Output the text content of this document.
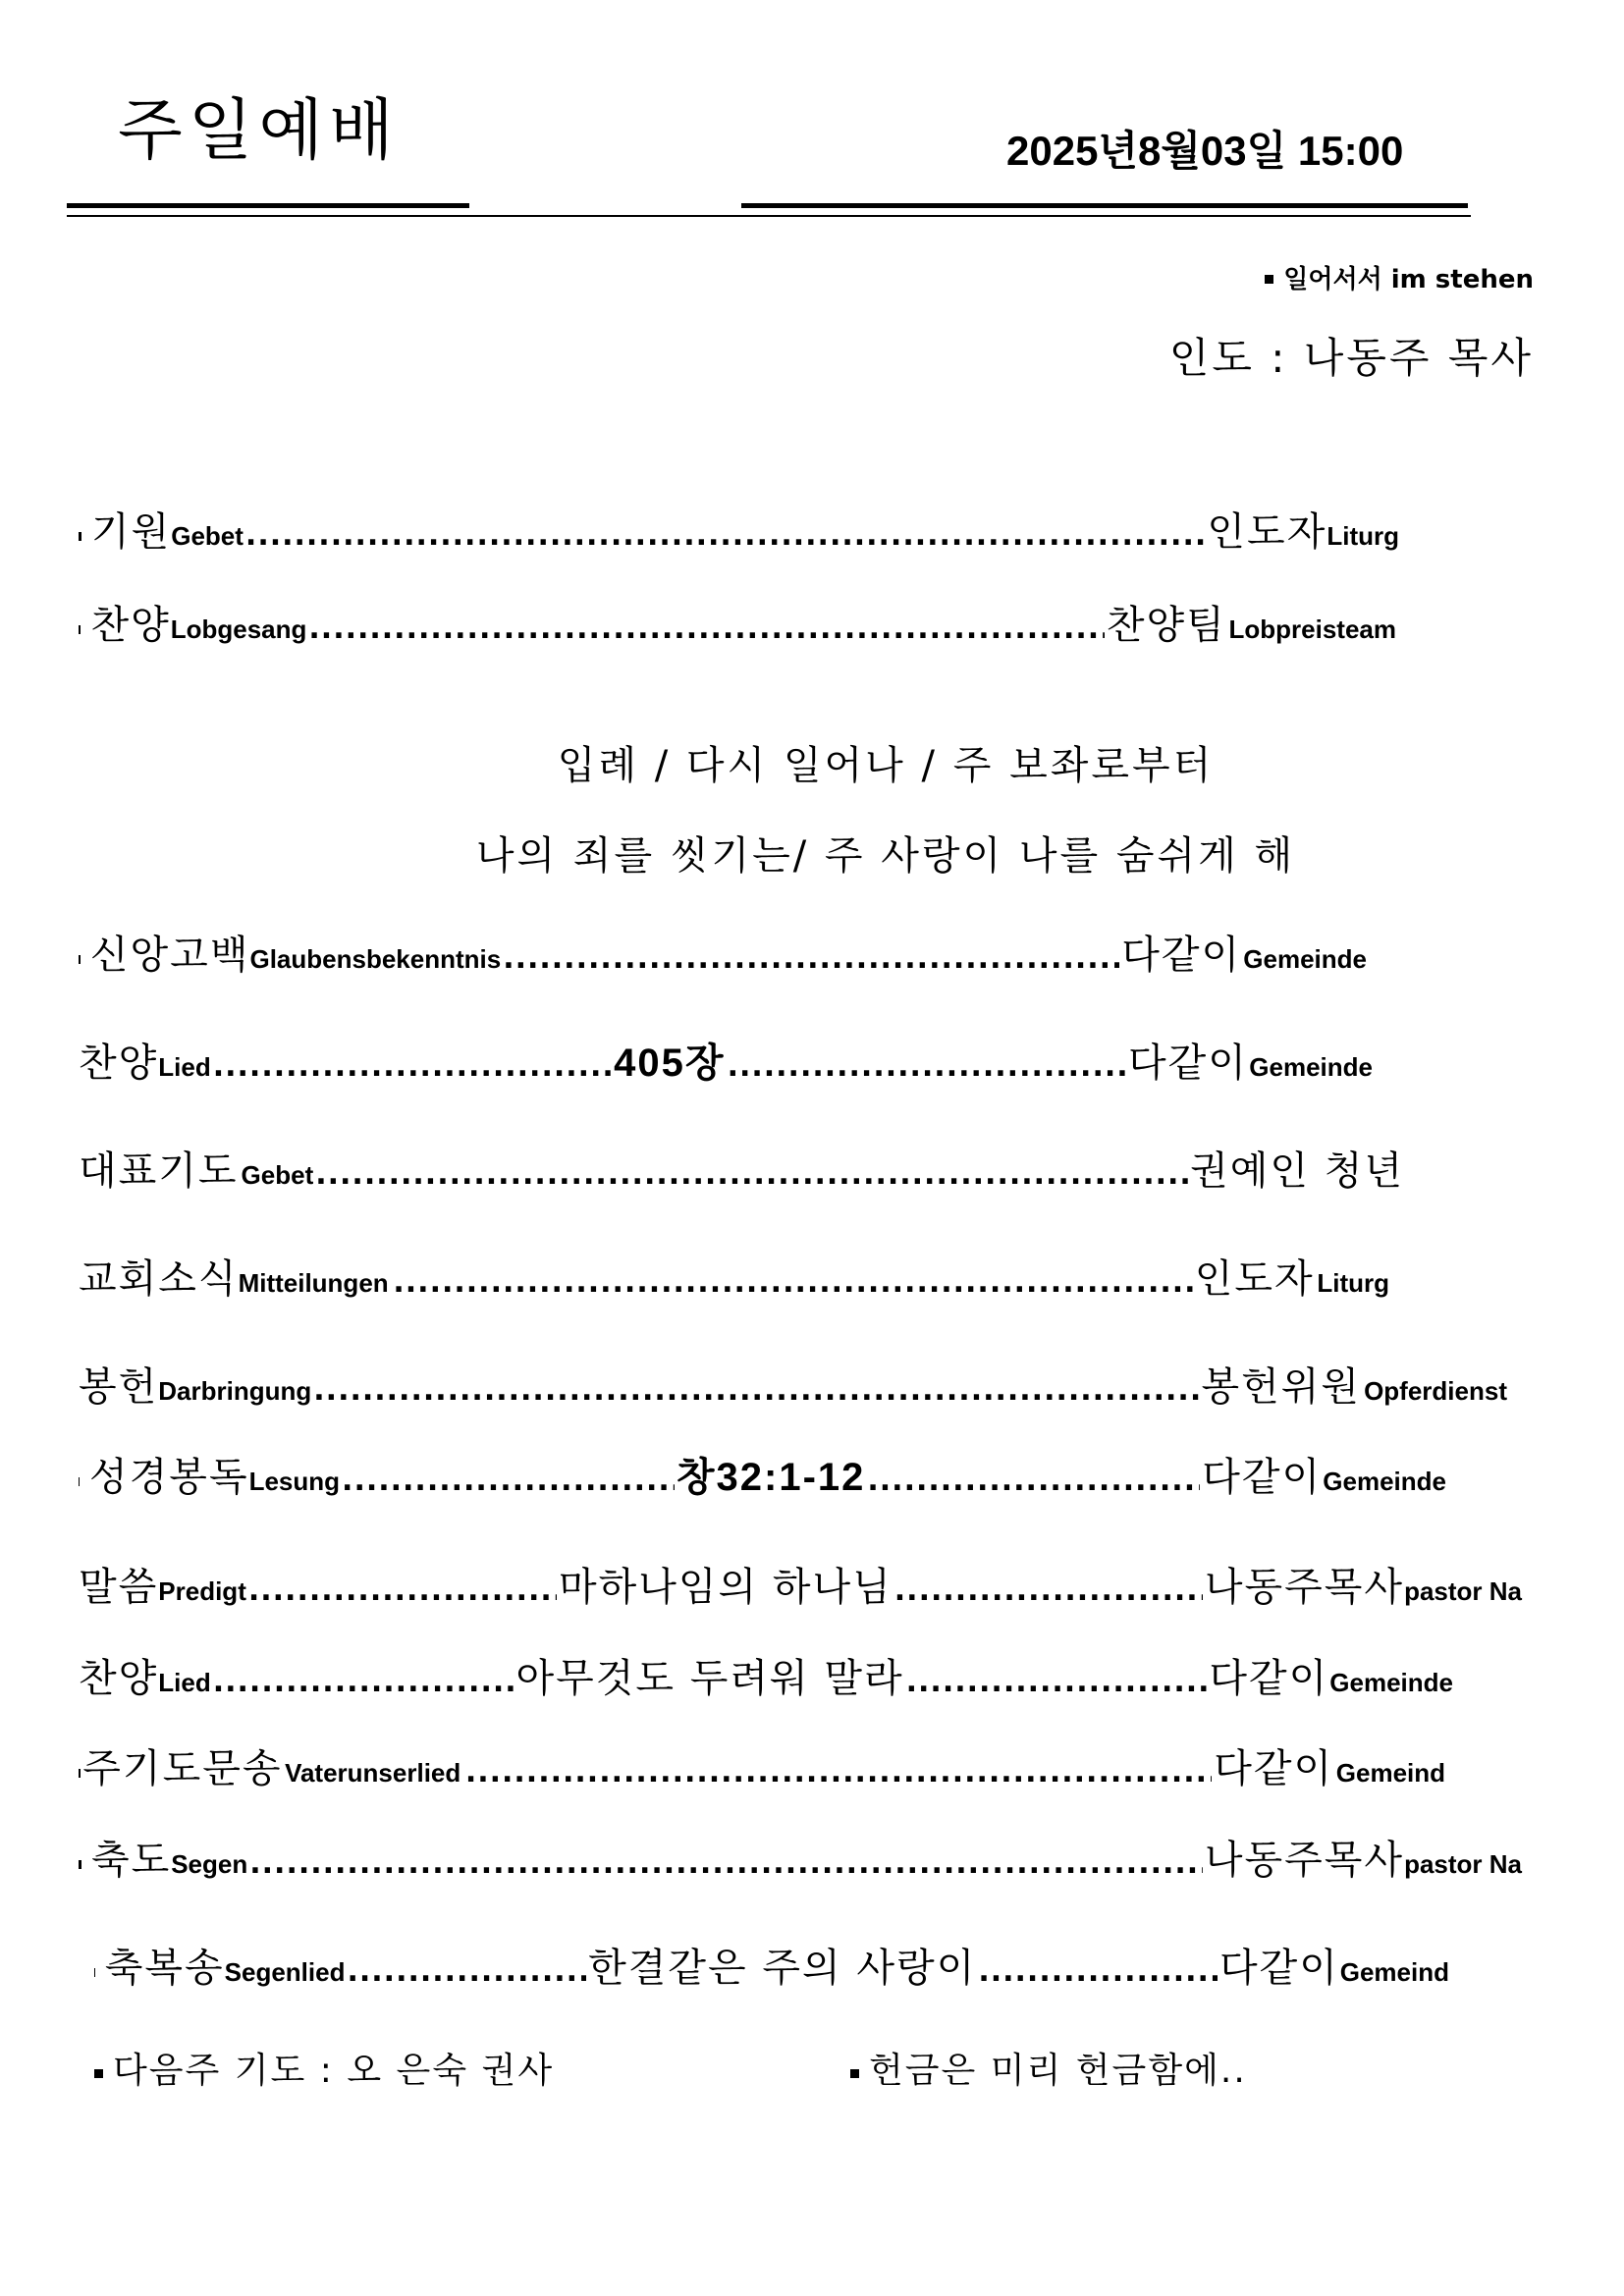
주일예배	2025년8월03일 15:00
일어서서 im stehen
인도 : 나동주 목사
기원 Gebet .....	인도자 Liturg
찬양 Lobgesang .....	찬양팀 Lobpreisteam
입례 / 다시 일어나 / 주 보좌로부터
나의 죄를 씻기는/ 주 사랑이 나를 숨쉬게 해
신앙고백 Glaubensbekenntnis .....	다같이 Gemeinde
찬양 Lied .....	405장 .....	다같이 Gemeinde
대표기도 Gebet .....	권예인 청년
교회소식 Mitteilungen .....	인도자 Liturg
봉헌 Darbringung .....	봉헌위원 Opferdienst
성경봉독 Lesung .....	창32:1-12 .....	다같이 Gemeinde
말씀 Predigt .....	마하나임의 하나님 .....	나동주목사 pastor Na
찬양 Lied .....	아무것도 두려워 말라 .....	다같이 Gemeinde
주기도문송 Vaterunserlied .....	다같이 Gemeind
축도 Segen .....	나동주목사 pastor Na
축복송 Segenlied .....	한결같은 주의 사랑이 .....	다같이 Gemeind
다음주 기도 : 오 은숙 권사	헌금은 미리 헌금함에..
